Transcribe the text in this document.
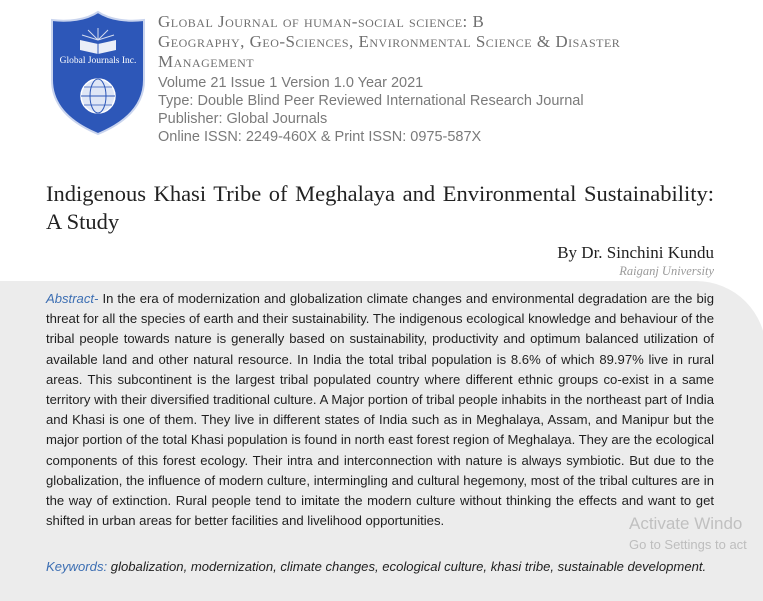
Global Journals Inc.
Global Journal of human-social science: B
Geography, Geo-Sciences, Environmental Science & Disaster
Management
Volume 21 Issue 1 Version 1.0 Year 2021
Type: Double Blind Peer Reviewed International Research Journal
Publisher: Global Journals
Online ISSN: 2249-460X & Print ISSN: 0975-587X
Indigenous Khasi Tribe of Meghalaya and Environmental Sustainability: A Study
By Dr. Sinchini Kundu
Raiganj University
Abstract- In the era of modernization and globalization climate changes and environmental degradation are the big threat for all the species of earth and their sustainability. The indigenous ecological knowledge and behaviour of the tribal people towards nature is generally based on sustainability, productivity and optimum balanced utilization of available land and other natural resource. In India the total tribal population is 8.6% of which 89.97% live in rural areas. This subcontinent is the largest tribal populated country where different ethnic groups co-exist in a same territory with their diversified traditional culture. A Major portion of tribal people inhabits in the northeast part of India and Khasi is one of them. They live in different states of India such as in Meghalaya, Assam, and Manipur but the major portion of the total Khasi population is found in north east forest region of Meghalaya. They are the ecological components of this forest ecology. Their intra and interconnection with nature is always symbiotic. But due to the globalization, the influence of modern culture, intermingling and cultural hegemony, most of the tribal cultures are in the way of extinction. Rural people tend to imitate the modern culture without thinking the effects and want to get shifted in urban areas for better facilities and livelihood opportunities.
Keywords: globalization, modernization, climate changes, ecological culture, khasi tribe, sustainable development.
Activate Windo
Go to Settings to act
